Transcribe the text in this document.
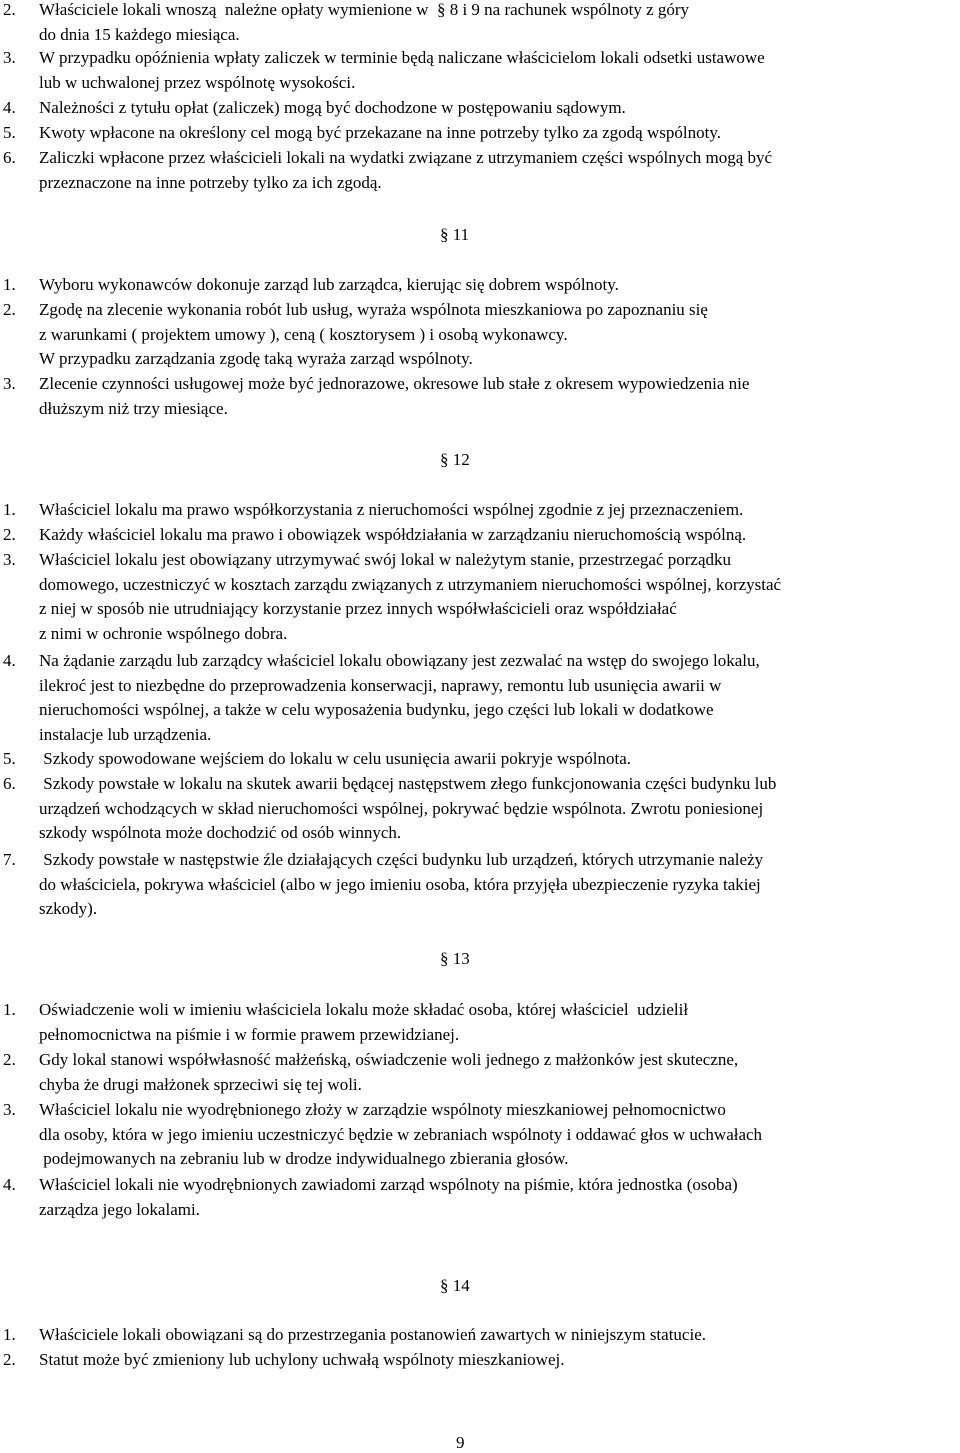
2.	Właściciele lokali wnoszą  należne opłaty wymienione w  § 8 i 9 na rachunek wspólnoty z góry
do dnia 15 każdego miesiąca.
3.	W przypadku opóźnienia wpłaty zaliczek w terminie będą naliczane właścicielom lokali odsetki ustawowe
lub w uchwalonej przez wspólnotę wysokości.
4.	Należności z tytułu opłat (zaliczek) mogą być dochodzone w postępowaniu sądowym.
5.	Kwoty wpłacone na określony cel mogą być przekazane na inne potrzeby tylko za zgodą wspólnoty.
6.	Zaliczki wpłacone przez właścicieli lokali na wydatki związane z utrzymaniem części wspólnych mogą być
przeznaczone na inne potrzeby tylko za ich zgodą.
§ 11
1.	Wyboru wykonawców dokonuje zarząd lub zarządca, kierując się dobrem wspólnoty.
2.	Zgodę na zlecenie wykonania robót lub usług, wyraża wspólnota mieszkaniowa po zapoznaniu się
z warunkami ( projektem umowy ), ceną ( kosztorysem ) i osobą wykonawcy.
W przypadku zarządzania zgodę taką wyraża zarząd wspólnoty.
3.	Zlecenie czynności usługowej może być jednorazowe, okresowe lub stałe z okresem wypowiedzenia nie
dłuższym niż trzy miesiące.
§ 12
1.	Właściciel lokalu ma prawo współkorzystania z nieruchomości wspólnej zgodnie z jej przeznaczeniem.
2.	Każdy właściciel lokalu ma prawo i obowiązek współdziałania w zarządzaniu nieruchomością wspólną.
3.	Właściciel lokalu jest obowiązany utrzymywać swój lokal w należytym stanie, przestrzegać porządku
domowego, uczestniczyć w kosztach zarządu związanych z utrzymaniem nieruchomości wspólnej, korzystać
z niej w sposób nie utrudniający korzystanie przez innych współwłaścicieli oraz współdziałać
z nimi w ochronie wspólnego dobra.
4.	Na żądanie zarządu lub zarządcy właściciel lokalu obowiązany jest zezwalać na wstęp do swojego lokalu,
ilekroć jest to niezbędne do przeprowadzenia konserwacji, naprawy, remontu lub usunięcia awarii w
nieruchomości wspólnej, a także w celu wyposażenia budynku, jego części lub lokali w dodatkowe
instalacje lub urządzenia.
5.	Szkody spowodowane wejściem do lokalu w celu usunięcia awarii pokryje wspólnota.
6.	Szkody powstałe w lokalu na skutek awarii będącej następstwem złego funkcjonowania części budynku lub
urządzeń wchodzących w skład nieruchomości wspólnej, pokrywać będzie wspólnota. Zwrotu poniesionej
szkody wspólnota może dochodzić od osób winnych.
7.	Szkody powstałe w następstwie źle działających części budynku lub urządzeń, których utrzymanie należy
do właściciela, pokrywa właściciel (albo w jego imieniu osoba, która przyjęła ubezpieczenie ryzyka takiej
szkody).
§ 13
1.	Oświadczenie woli w imieniu właściciela lokalu może składać osoba, której właściciel  udzielił
pełnomocnictwa na piśmie i w formie prawem przewidzianej.
2.	Gdy lokal stanowi współwłasność małżeńską, oświadczenie woli jednego z małżonków jest skuteczne,
chyba że drugi małżonek sprzeciwi się tej woli.
3.	Właściciel lokalu nie wyodrębnionego złoży w zarządzie wspólnoty mieszkaniowej pełnomocnictwo
dla osoby, która w jego imieniu uczestniczyć będzie w zebraniach wspólnoty i oddawać głos w uchwałach
podejmowanych na zebraniu lub w drodze indywidualnego zbierania głosów.
4.	Właściciel lokali nie wyodrębnionych zawiadomi zarząd wspólnoty na piśmie, która jednostka (osoba)
zarządza jego lokalami.
§ 14
1.	Właściciele lokali obowiązani są do przestrzegania postanowień zawartych w niniejszym statucie.
2.	Statut może być zmieniony lub uchylony uchwałą wspólnoty mieszkaniowej.
9
